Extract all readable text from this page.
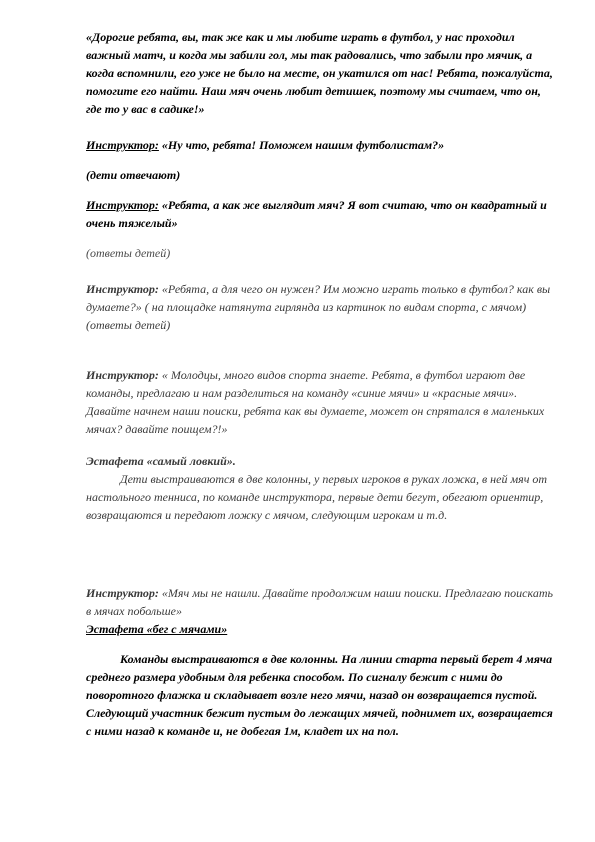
«Дорогие ребята, вы, так же как и мы любите играть в футбол, у нас проходил важный матч, и когда мы забили гол, мы так радовались, что забыли про мячик, а когда вспомнили, его уже не было на месте, он укатился от нас! Ребята, пожалуйста, помогите его найти. Наш мяч очень любит детишек, поэтому мы считаем, что он, где то у вас в садике!»

Инструктор: «Ну что, ребята! Поможем нашим футболистам?»

(дети отвечают)

Инструктор: «Ребята, а как же выглядит мяч? Я вот считаю, что он квадратный и очень тяжелый»

(ответы детей)

Инструктор: «Ребята, а для чего он нужен? Им можно играть только в футбол? как вы думаете?» ( на площадке натянута гирлянда из картинок по видам спорта, с мячом)

(ответы детей)

Инструктор: « Молодцы, много видов спорта знаете. Ребята, в футбол играют две команды, предлагаю и нам разделиться на команду «синие мячи» и «красные мячи». Давайте начнем наши поиски, ребята как вы думаете, может он спрятался в маленьких мячах? давайте поищем?!»

Эстафета «самый ловкий».

Дети выстраиваются в две колонны, у первых игроков в руках ложка, в ней мяч от настольного тенниса, по команде инструктора, первые дети бегут, обегают ориентир, возвращаются и передают ложку с мячом, следующим игрокам и т.д.

Инструктор: «Мяч мы не нашли. Давайте продолжим наши поиски. Предлагаю поискать в мячах побольше»

Эстафета «бег с мячами»

Команды выстраиваются в две колонны. На линии старта первый берет 4 мяча среднего размера удобным для ребенка способом. По сигналу бежит с ними до поворотного флажка и складывает возле него мячи, назад он возвращается пустой. Следующий участник бежит пустым до лежащих мячей, поднимет их, возвращается с ними назад к команде и, не добегая 1м, кладет их на пол.
